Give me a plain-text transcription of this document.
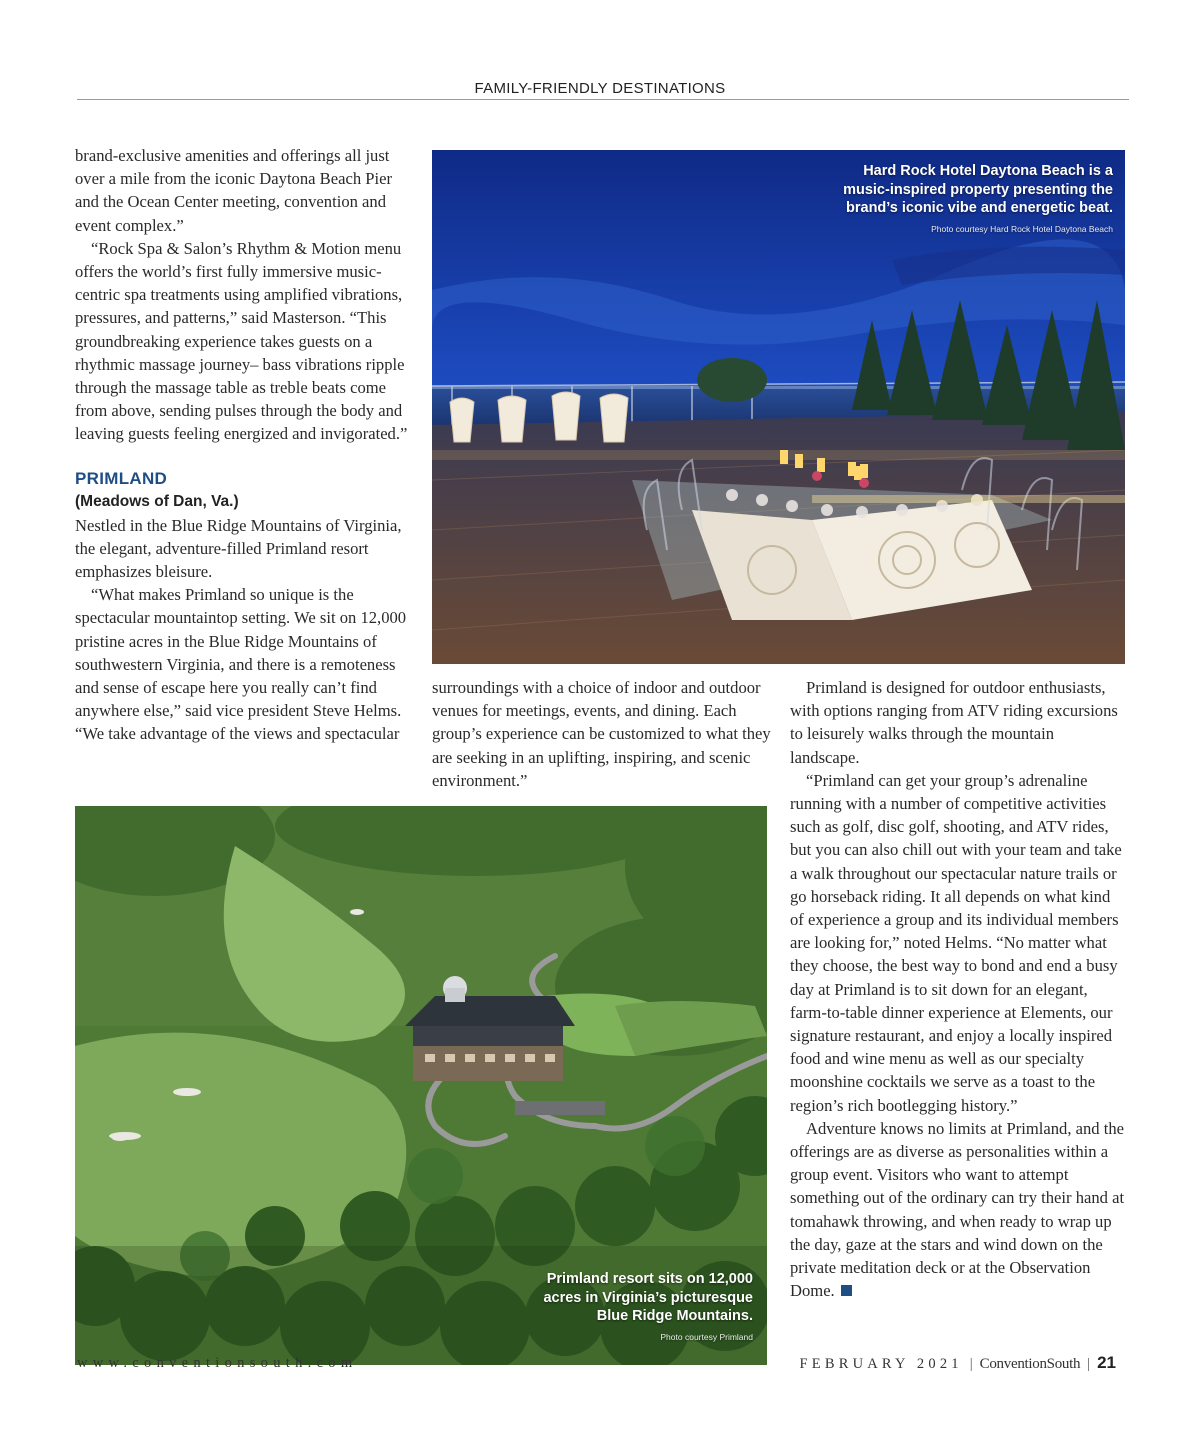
FAMILY-FRIENDLY DESTINATIONS

brand-exclusive amenities and offerings all just over a mile from the iconic Daytona Beach Pier and the Ocean Center meeting, convention and event complex.”

“Rock Spa & Salon’s Rhythm & Motion menu offers the world’s first fully immersive music-centric spa treatments using amplified vibrations, pressures, and patterns,” said Masterson. “This groundbreaking experience takes guests on a rhythmic massage journey– bass vibrations ripple through the massage table as treble beats come from above, sending pulses through the body and leaving guests feeling energized and invigorated.”

PRIMLAND
(Meadows of Dan, Va.)

Nestled in the Blue Ridge Mountains of Virginia, the elegant, adventure-filled Primland resort emphasizes bleisure.

“What makes Primland so unique is the spectacular mountaintop setting. We sit on 12,000 pristine acres in the Blue Ridge Mountains of southwestern Virginia, and there is a remoteness and sense of escape here you really can’t find anywhere else,” said vice president Steve Helms. “We take advantage of the views and spectacular

Hard Rock Hotel Daytona Beach is a music-inspired property presenting the brand’s iconic vibe and energetic beat.
Photo courtesy Hard Rock Hotel Daytona Beach

surroundings with a choice of indoor and outdoor venues for meetings, events, and dining. Each group’s experience can be customized to what they are seeking in an uplifting, inspiring, and scenic environment.”

Primland is designed for outdoor enthusiasts, with options ranging from ATV riding excursions to leisurely walks through the mountain landscape.

“Primland can get your group’s adrenaline running with a number of competitive activities such as golf, disc golf, shooting, and ATV rides, but you can also chill out with your team and take a walk throughout our spectacular nature trails or go horseback riding. It all depends on what kind of experience a group and its individual members are looking for,” noted Helms. “No matter what they choose, the best way to bond and end a busy day at Primland is to sit down for an elegant, farm-to-table dinner experience at Elements, our signature restaurant, and enjoy a locally inspired food and wine menu as well as our specialty moonshine cocktails we serve as a toast to the region’s rich bootlegging history.”

Adventure knows no limits at Primland, and the offerings are as diverse as personalities within a group event. Visitors who want to attempt something out of the ordinary can try their hand at tomahawk throwing, and when ready to wrap up the day, gaze at the stars and wind down on the private meditation deck or at the Observation Dome.

Primland resort sits on 12,000 acres in Virginia’s picturesque Blue Ridge Mountains.
Photo courtesy Primland
www.conventionsouth.com	FEBRUARY 2021 | ConventionSouth | 21
